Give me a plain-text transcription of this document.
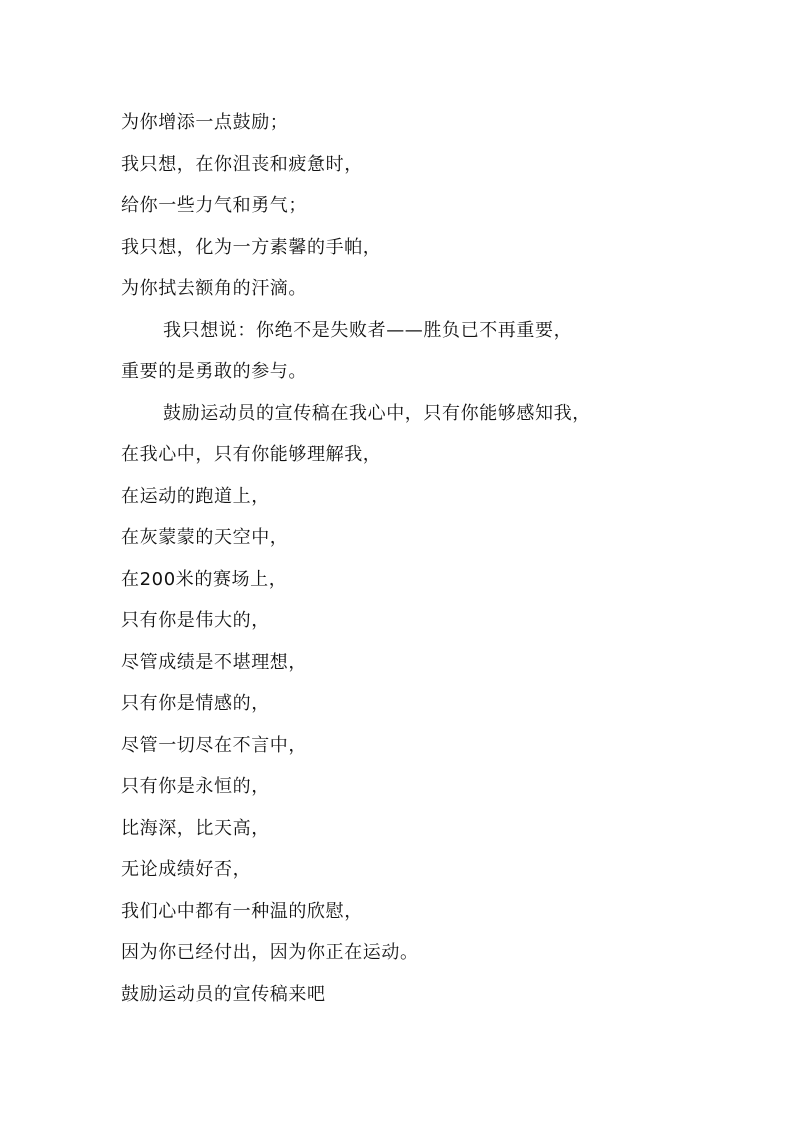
为你增添一点鼓励；
我只想，在你沮丧和疲惫时，
给你一些力气和勇气；
我只想，化为一方素馨的手帕，
为你拭去额角的汗滴。
我只想说：你绝不是失败者——胜负已不再重要，
重要的是勇敢的参与。
鼓励运动员的宣传稿在我心中，只有你能够感知我，
在我心中，只有你能够理解我，
在运动的跑道上，
在灰蒙蒙的天空中，
在200米的赛场上，
只有你是伟大的，
尽管成绩是不堪理想，
只有你是情感的，
尽管一切尽在不言中，
只有你是永恒的，
比海深，比天高，
无论成绩好否，
我们心中都有一种温的欣慰，
因为你已经付出，因为你正在运动。
鼓励运动员的宣传稿来吧
